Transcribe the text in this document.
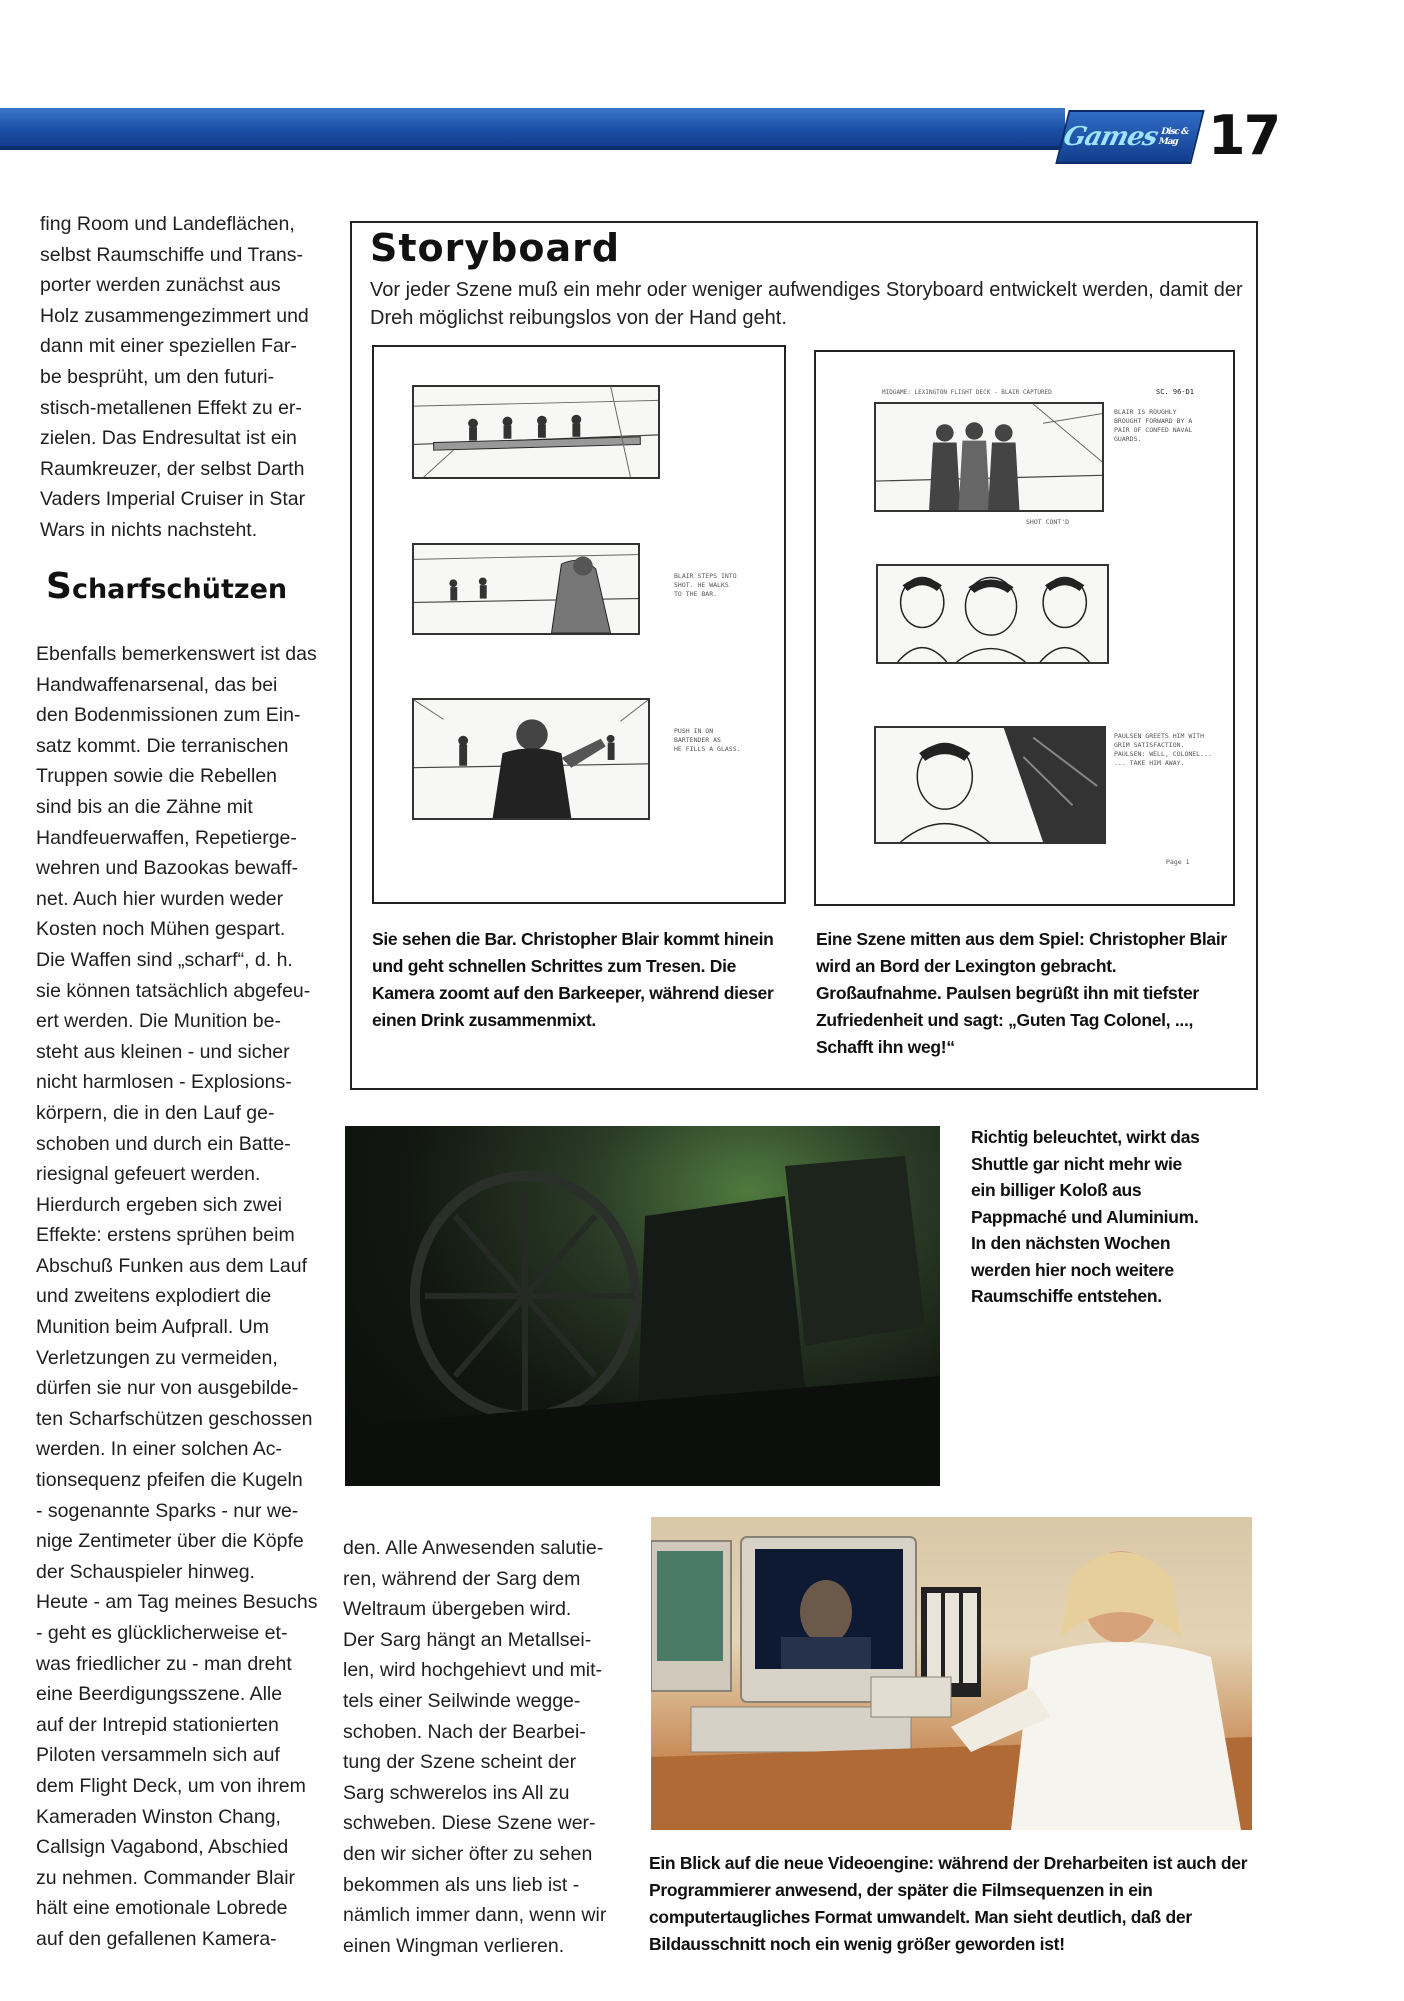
Games Disc & Mag 17

fing Room und Landeflächen,
selbst Raumschiffe und Trans-
porter werden zunächst aus
Holz zusammengezimmert und
dann mit einer speziellen Far-
be besprüht, um den futuri-
stisch-metallenen Effekt zu er-
zielen. Das Endresultat ist ein
Raumkreuzer, der selbst Darth
Vaders Imperial Cruiser in Star
Wars in nichts nachsteht.

Scharfschützen

Ebenfalls bemerkenswert ist das
Handwaffenarsenal, das bei
den Bodenmissionen zum Ein-
satz kommt. Die terranischen
Truppen sowie die Rebellen
sind bis an die Zähne mit
Handfeuerwaffen, Repetierge-
wehren und Bazookas bewaff-
net. Auch hier wurden weder
Kosten noch Mühen gespart.
Die Waffen sind „scharf“, d. h.
sie können tatsächlich abgefeu-
ert werden. Die Munition be-
steht aus kleinen - und sicher
nicht harmlosen - Explosions-
körpern, die in den Lauf ge-
schoben und durch ein Batte-
riesignal gefeuert werden.
Hierdurch ergeben sich zwei
Effekte: erstens sprühen beim
Abschuß Funken aus dem Lauf
und zweitens explodiert die
Munition beim Aufprall. Um
Verletzungen zu vermeiden,
dürfen sie nur von ausgebilde-
ten Scharfschützen geschossen
werden. In einer solchen Ac-
tionsequenz pfeifen die Kugeln
- sogenannte Sparks - nur we-
nige Zentimeter über die Köpfe
der Schauspieler hinweg.
Heute - am Tag meines Besuchs
- geht es glücklicherweise et-
was friedlicher zu - man dreht
eine Beerdigungsszene. Alle
auf der Intrepid stationierten
Piloten versammeln sich auf
dem Flight Deck, um von ihrem
Kameraden Winston Chang,
Callsign Vagabond, Abschied
zu nehmen. Commander Blair
hält eine emotionale Lobrede
auf den gefallenen Kamera-

Storyboard

Vor jeder Szene muß ein mehr oder weniger aufwendiges Storyboard entwickelt werden, damit der Dreh möglichst reibungslos von der Hand geht.

BLAIR STEPS INTO
SHOT. HE WALKS
TO THE BAR.
PUSH IN ON
BARTENDER AS
HE FILLS A GLASS.
MIDGAME: LEXINGTON FLIGHT DECK - BLAIR CAPTURED	SC. 96-D1
BLAIR IS ROUGHLY
BROUGHT FORWARD BY A
PAIR OF CONFED NAVAL
GUARDS.
SHOT CONT'D
PAULSEN GREETS HIM WITH
GRIM SATISFACTION.
PAULSEN: WELL, COLONEL...
... TAKE HIM AWAY.
Page 1

Sie sehen die Bar. Christopher Blair kommt hinein und geht schnellen Schrittes zum Tresen. Die Kamera zoomt auf den Barkeeper, während dieser einen Drink zusammenmixt.

Eine Szene mitten aus dem Spiel: Christopher Blair wird an Bord der Lexington gebracht. Großaufnahme. Paulsen begrüßt ihn mit tiefster Zufriedenheit und sagt: „Guten Tag Colonel, ..., Schafft ihn weg!“

Richtig beleuchtet, wirkt das Shuttle gar nicht mehr wie ein billiger Koloß aus Pappmaché und Aluminium. In den nächsten Wochen werden hier noch weitere Raumschiffe entstehen.

den. Alle Anwesenden salutie-
ren, während der Sarg dem
Weltraum übergeben wird.
Der Sarg hängt an Metallsei-
len, wird hochgehievt und mit-
tels einer Seilwinde wegge-
schoben. Nach der Bearbei-
tung der Szene scheint der
Sarg schwerelos ins All zu
schweben. Diese Szene wer-
den wir sicher öfter zu sehen
bekommen als uns lieb ist -
nämlich immer dann, wenn wir
einen Wingman verlieren.

Ein Blick auf die neue Videoengine: während der Dreharbeiten ist auch der Programmierer anwesend, der später die Filmsequenzen in ein computertaugliches Format umwandelt. Man sieht deutlich, daß der Bildausschnitt noch ein wenig größer geworden ist!
